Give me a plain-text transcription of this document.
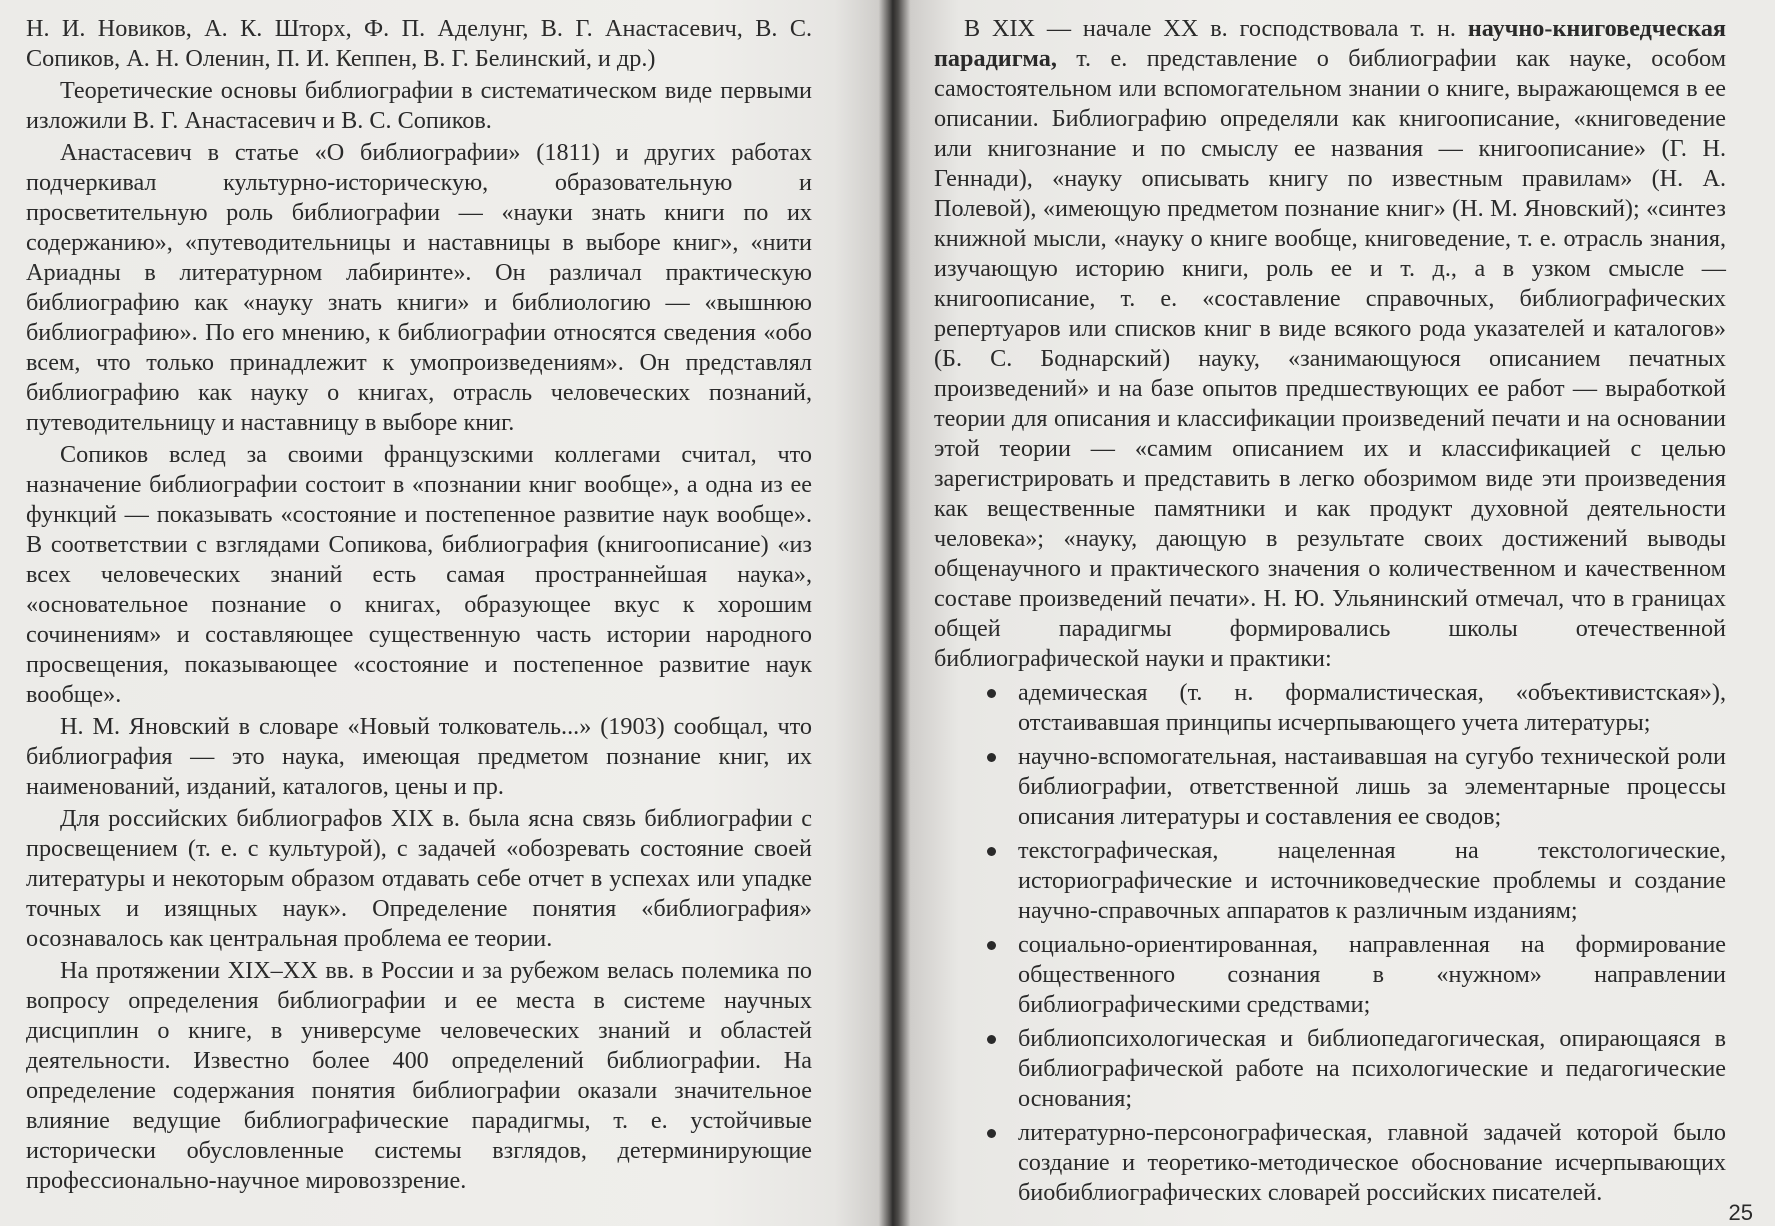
Н. И. Новиков, А. К. Шторх, Ф. П. Аделунг, В. Г. Анастасевич, В. С. Сопиков, А. Н. Оленин, П. И. Кеппен, В. Г. Белинский, и др.)

Теоретические основы библиографии в систематическом виде первыми изложили В. Г. Анастасевич и В. С. Сопиков.

Анастасевич в статье «О библиографии» (1811) и других работах подчеркивал культурно-историческую, образовательную и просветительную роль библиографии — «науки знать книги по их содержанию», «путеводительницы и наставницы в выборе книг», «нити Ариадны в литературном лабиринте». Он различал практическую библиографию как «науку знать книги» и библиологию — «вышнюю библиографию». По его мнению, к библиографии относятся сведения «обо всем, что только принадлежит к умопроизведениям». Он представлял библиографию как науку о книгах, отрасль человеческих познаний, путеводительницу и наставницу в выборе книг.

Сопиков вслед за своими французскими коллегами считал, что назначение библиографии состоит в «познании книг вообще», а одна из ее функций — показывать «состояние и постепенное развитие наук вообще». В соответствии с взглядами Сопикова, библиография (книгоописание) «из всех человеческих знаний есть самая пространнейшая наука», «основательное познание о книгах, образующее вкус к хорошим сочинениям» и составляющее существенную часть истории народного просвещения, показывающее «состояние и постепенное развитие наук вообще».

Н. М. Яновский в словаре «Новый толкователь...» (1903) сообщал, что библиография — это наука, имеющая предметом познание книг, их наименований, изданий, каталогов, цены и пр.

Для российских библиографов XIX в. была ясна связь библиографии с просвещением (т. е. с культурой), с задачей «обозревать состояние своей литературы и некоторым образом отдавать себе отчет в успехах или упадке точных и изящных наук». Определение понятия «библиография» осознавалось как центральная проблема ее теории.

На протяжении XIX–XX вв. в России и за рубежом велась полемика по вопросу определения библиографии и ее места в системе научных дисциплин о книге, в универсуме человеческих знаний и областей деятельности. Известно более 400 определений библиографии. На определение содержания понятия библиографии оказали значительное влияние ведущие библиографические парадигмы, т. е. устойчивые исторически обусловленные системы взглядов, детерминирующие профессионально-научное мировоззрение.

В XIX — начале XX в. господствовала т. н. научно-книговедческая парадигма, т. е. представление о библиографии как науке, особом самостоятельном или вспомогательном знании о книге, выражающемся в ее описании. Библиографию определяли как книгоописание, «книговедение или книгознание и по смыслу ее названия — книгоописание» (Г. Н. Геннади), «науку описывать книгу по известным правилам» (Н. А. Полевой), «имеющую предметом познание книг» (Н. М. Яновский); «синтез книжной мысли, «науку о книге вообще, книговедение, т. е. отрасль знания, изучающую историю книги, роль ее и т. д., а в узком смысле — книгоописание, т. е. «составление справочных, библиографических репертуаров или списков книг в виде всякого рода указателей и каталогов» (Б. С. Боднарский) науку, «занимающуюся описанием печатных произведений» и на базе опытов предшествующих ее работ — выработкой теории для описания и классификации произведений печати и на основании этой теории — «самим описанием их и классификацией с целью зарегистрировать и представить в легко обозримом виде эти произведения как вещественные памятники и как продукт духовной деятельности человека»; «науку, дающую в результате своих достижений выводы общенаучного и практического значения о количественном и качественном составе произведений печати». Н. Ю. Ульянинский отмечал, что в границах общей парадигмы формировались школы отечественной библиографической науки и практики:

адемическая (т. н. формалистическая, «объективистская»), отстаивавшая принципы исчерпывающего учета литературы;
научно-вспомогательная, настаивавшая на сугубо технической роли библиографии, ответственной лишь за элементарные процессы описания литературы и составления ее сводов;
текстографическая, нацеленная на текстологические, историографические и источниковедческие проблемы и создание научно-справочных аппаратов к различным изданиям;
социально-ориентированная, направленная на формирование общественного сознания в «нужном» направлении библиографическими средствами;
библиопсихологическая и библиопедагогическая, опирающаяся в библиографической работе на психологические и педагогические основания;
литературно-персонографическая, главной задачей которой было создание и теоретико-методическое обоснование исчерпывающих биобиблиографических словарей российских писателей.
25
